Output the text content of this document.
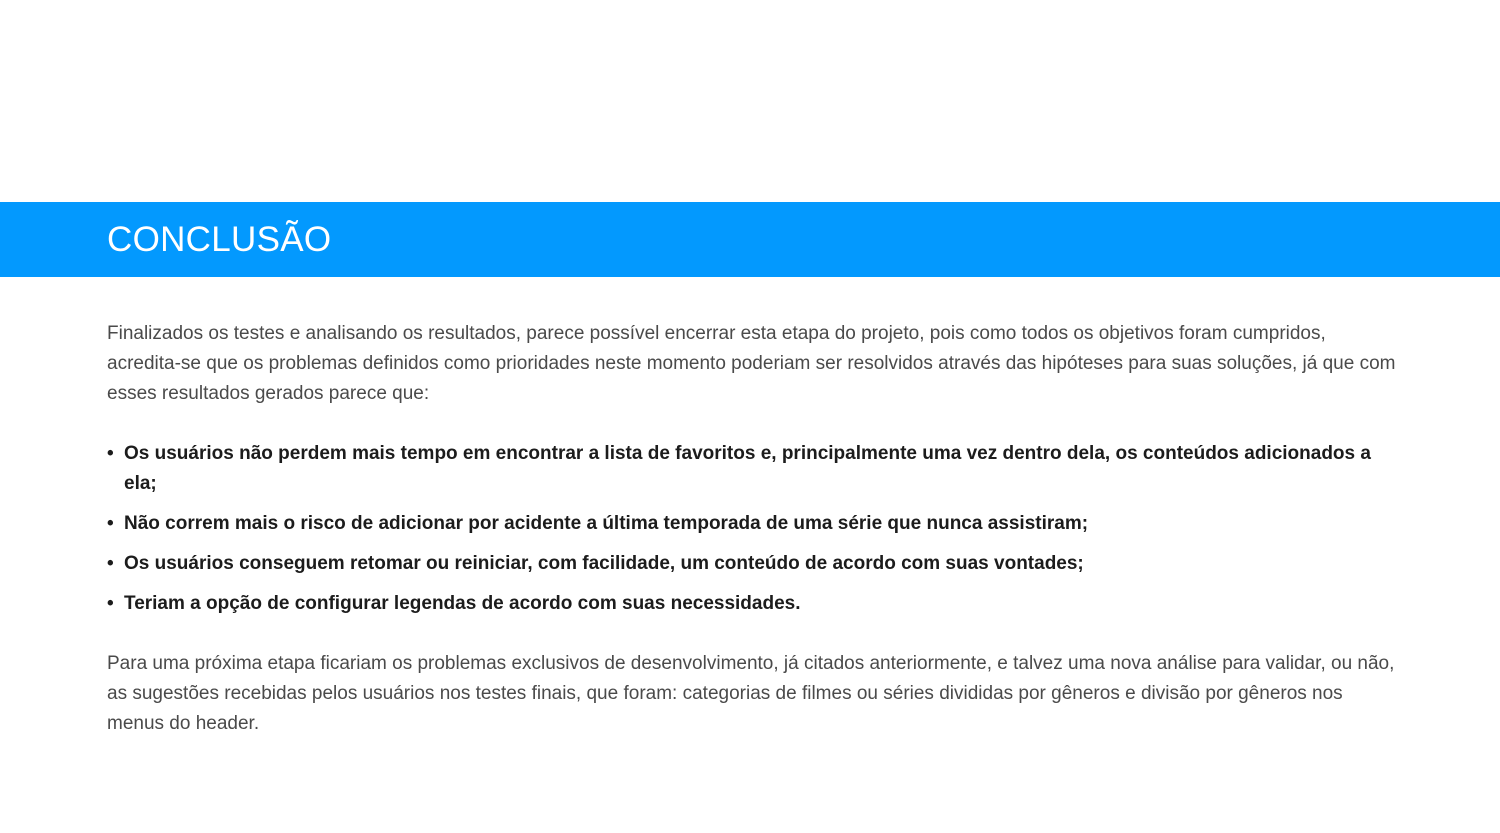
CONCLUSÃO

Finalizados os testes e analisando os resultados, parece possível encerrar esta etapa do projeto, pois como todos os objetivos foram cumpridos, acredita-se que os problemas definidos como prioridades neste momento poderiam ser resolvidos através das hipóteses para suas soluções, já que com esses resultados gerados parece que:

• Os usuários não perdem mais tempo em encontrar a lista de favoritos e, principalmente uma vez dentro dela, os conteúdos adicionados a ela;
• Não correm mais o risco de adicionar por acidente a última temporada de uma série que nunca assistiram;
• Os usuários conseguem retomar ou reiniciar, com facilidade, um conteúdo de acordo com suas vontades;
• Teriam a opção de configurar legendas de acordo com suas necessidades.

Para uma próxima etapa ficariam os problemas exclusivos de desenvolvimento, já citados anteriormente, e talvez uma nova análise para validar, ou não, as sugestões recebidas pelos usuários nos testes finais, que foram: categorias de filmes ou séries divididas por gêneros e divisão por gêneros nos menus do header.
